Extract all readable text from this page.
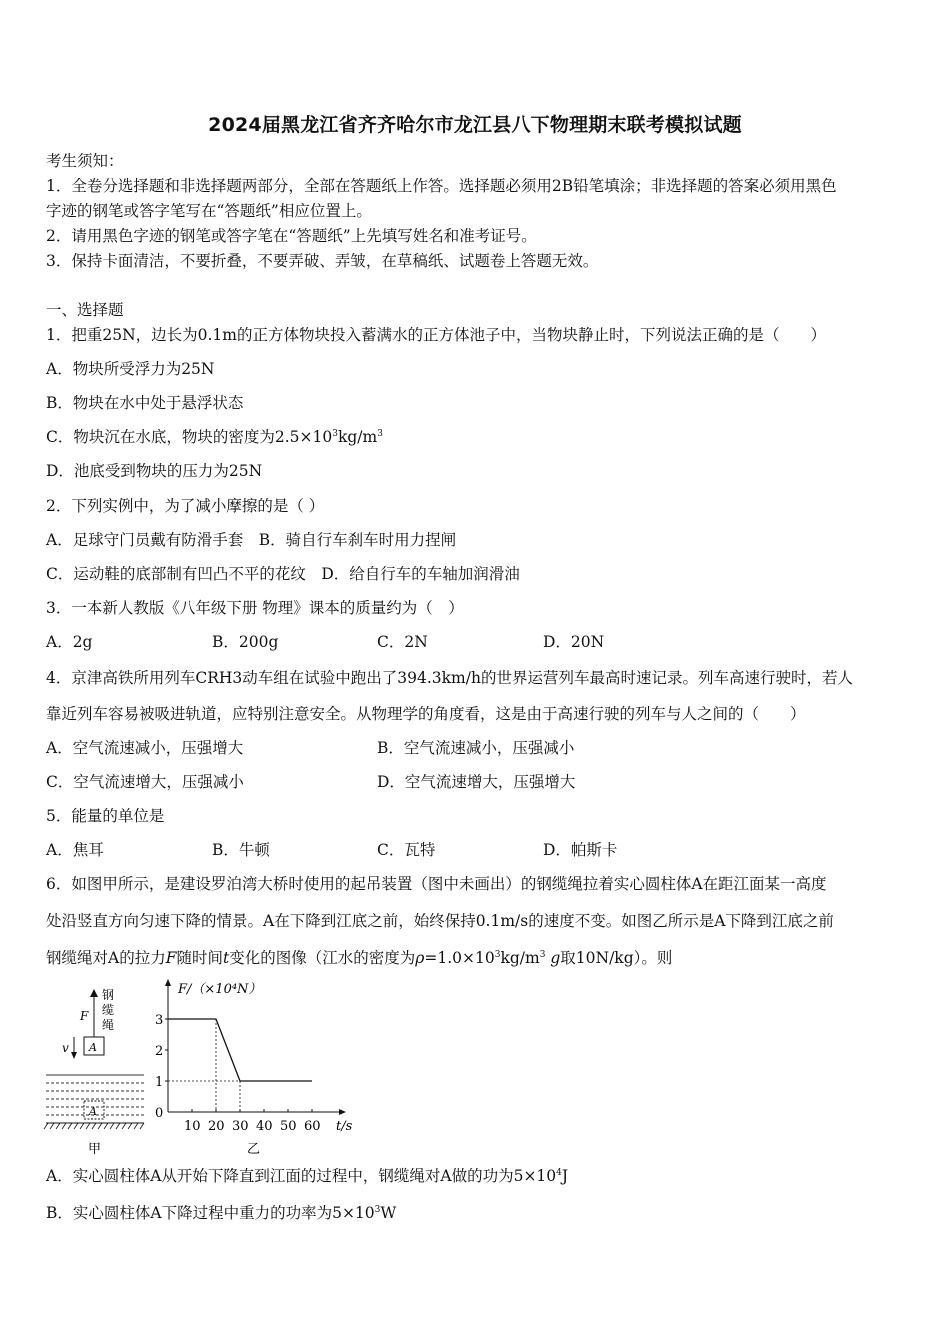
2024届黑龙江省齐齐哈尔市龙江县八下物理期末联考模拟试题
考生须知：
1．全卷分选择题和非选择题两部分，全部在答题纸上作答。选择题必须用2B铅笔填涂；非选择题的答案必须用黑色
字迹的钢笔或答字笔写在“答题纸”相应位置上。
2．请用黑色字迹的钢笔或答字笔在“答题纸”上先填写姓名和准考证号。
3．保持卡面清洁，不要折叠，不要弄破、弄皱，在草稿纸、试题卷上答题无效。
一、选择题
1．把重25N，边长为0.1m的正方体物块投入蓄满水的正方体池子中，当物块静止时，下列说法正确的是（　　）
A．物块所受浮力为25N
B．物块在水中处于悬浮状态
C．物块沉在水底，物块的密度为$2.5\times 10^3kg/m^3$
D．池底受到物块的压力为25N
2．下列实例中，为了减小摩擦的是（ ）
A．足球守门员戴有防滑手套　B．骑自行车刹车时用力捏闸
C．运动鞋的底部制有凹凸不平的花纹　D．给自行车的车轴加润滑油
3．一本新人教版《八年级下册 物理》课本的质量约为（　）
A．2g	B．200g	C．2N	D．20N
4．京津高铁所用列车CRH3动车组在试验中跑出了394.3km/h的世界运营列车最高时速记录。列车高速行驶时，若人
靠近列车容易被吸进轨道，应特别注意安全。从物理学的角度看，这是由于高速行驶的列车与人之间的（　　）
A．空气流速减小，压强增大	B．空气流速减小，压强减小
C．空气流速增大，压强减小	D．空气流速增大，压强增大
5．能量的单位是
A．焦耳	B．牛顿	C．瓦特	D．帕斯卡
6．如图甲所示，是建设罗泊湾大桥时使用的起吊装置（图中未画出）的钢缆绳拉着实心圆柱体A在距江面某一高度
处沿竖直方向匀速下降的情景。A在下降到江底之前，始终保持0.1m/s的速度不变。如图乙所示是A下降到江底之前
钢缆绳对A的拉力F随时间t变化的图像（江水的密度为$\rho=1.0\times 10^3kg/m^3$ g取10N/kg）。则
钢
缆
绳
F
A
v
A
甲
F/（×10⁴N）
t/s
乙
0
1
2
3
10 20 30 40 50 60
A．实心圆柱体A从开始下降直到江面的过程中，钢缆绳对A做的功为$5\times 10^4J$
B．实心圆柱体A下降过程中重力的功率为$5\times 10^3W$
